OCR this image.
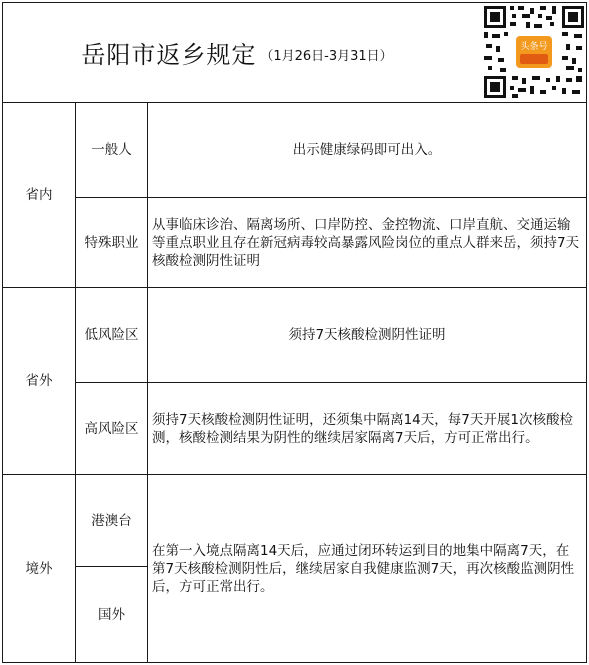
岳阳市返乡规定 （1月26日-3月31日）
头条号
省内
一般人	出示健康绿码即可出入。
特殊职业
从事临床诊治、隔离场所、口岸防控、金控物流、口岸直航、交通运输等重点职业且存在新冠病毒较高暴露风险岗位的重点人群来岳，须持7天核酸检测阴性证明
省外
低风险区	须持7天核酸检测阴性证明
高风险区
须持7天核酸检测阴性证明，还须集中隔离14天，每7天开展1次核酸检测，核酸检测结果为阴性的继续居家隔离7天后，方可正常出行。
境外
港澳台
国外
在第一入境点隔离14天后，应通过闭环转运到目的地集中隔离7天，在第7天核酸检测阴性后，继续居家自我健康监测7天，再次核酸监测阴性后，方可正常出行。
